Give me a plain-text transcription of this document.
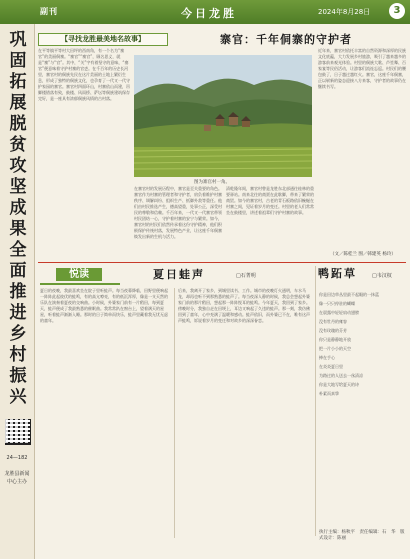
副刊	今日龙胜	2024年8月28日	3
巩固拓展脱贫攻坚成果 全面推进乡村振兴
24—182
龙胜县新闻中心主办
【寻找龙胜最美地名故事】	寨官：千年侗寨的守护者
在平等镇平等村大田坪的西南角，有一个名为“寨官”的美丽侗寨。“寨官”“寨官”，顾名思义，就是“寨”与“官”。其中，“关”字有着坚守的意味，“寨官”便意味着守护村寨的官吏。在千百年的历史长河里，寨官村的侗族先民在这片美丽的土地上繁衍生息，形成了独特的侗族文化，也孕育了一代又一代守护家园的寨官。寨官村四面环山，村寨依山而建，吊脚楼错落有致，鼓楼、风雨桥、萨坛等侗族建筑保存完好，是一座具有浓郁侗族风情的古村落。
图为寨官村一角。
在寨官村的发展历程中，寨官是至关重要的角色。寨官作为村寨的管理者和守护者，肩负着维护村寨秩序、调解纠纷、组织生产、抵御外敌等重任。他们由村民推选产生，德高望重，处事公正，深受村民的尊敬和信赖。千百年来，一代又一代寨官带领村民团结一心，守护着村寨的安宁与繁荣。如今，寨官村的村民们依然传承着这份守护精神，他们积极保护传统村落，发展特色产业，让这座千年侗寨焕发出新的生机与活力。
清乾隆年间，寨官村曾是龙胜东北部通往桂林的重要驿站。南来北往的商贾在此歇脚，带来了繁荣的商贸。如今的寨官村，古老的青石板路依旧蜿蜒在村寨之间，见证着岁月的变迁。村里的老人们常常坐在鼓楼里，讲述着祖辈们守护村寨的故事。
近年来，寨官村依托丰富的自然资源和深厚的民族文化底蕴，大力发展乡村旅游，吸引了越来越多的游客前来观光体验。村里的侗族大歌、芦笙舞、百家宴等民俗活动，让游客们流连忘返。村民们的腰包鼓了，日子越过越红火。寨官，这座千年侗寨，正以崭新的姿态迎接八方来客，守护者的故事仍在继续书写。
（文／陈桂兰 图／韩建英 杨玲）
悦读	夏日蛙声	□石菁明
夏日的夜晚，我最喜欢坐在院子里听蛙声。每当夜幕降临，田野里便响起一阵阵此起彼伏的蛙鸣，有的高亢嘹亮，有的低沉浑厚，像是一支天然的乐队在演奏着夏夜的交响曲。小时候，外婆家门前有一片稻田，每到夏天，蛙声便成了我最熟悉的催眠曲。我常常趴在窗台上，望着满天的星星，听着蛙声渐渐入睡。那时的日子简单而快乐，蛙声里藏着我无忧无虑的童年。
后来，我离开了家乡，到城里读书、工作。城市的夜晚灯火通明，车水马龙，却再也听不到那熟悉的蛙声了。每当夜深人静的时候，我总会想起外婆家门前的那片稻田，想起那一阵阵悦耳的蛙鸣。今年夏天，我回到了家乡。傍晚时分，我独自走在田埂上，耳边又响起了久违的蛙声。那一刻，我仿佛回到了童年，心中充满了温暖和感动。蛙声依旧，而外婆已不在，唯有这声声蛙鸣，诉说着岁月的变迁和对故乡的深深眷恋。
鸭跖草	□韦汉权
你是田边草丛里最不起眼的一抹蓝
像一只只停驻的蝴蝶
在晨露中轻轻扇动翅膀
没有牡丹的雍容
没有玫瑰的芬芳
你只是静静地开放
把一片小小的天空
捧在手心
在炎炎夏日里
为路过的人送去一丝清凉
你是大地写给夏天的诗
朴素而真挚
执行主编：杨秋平　责任编辑：石　华　版式设计：陈丽
